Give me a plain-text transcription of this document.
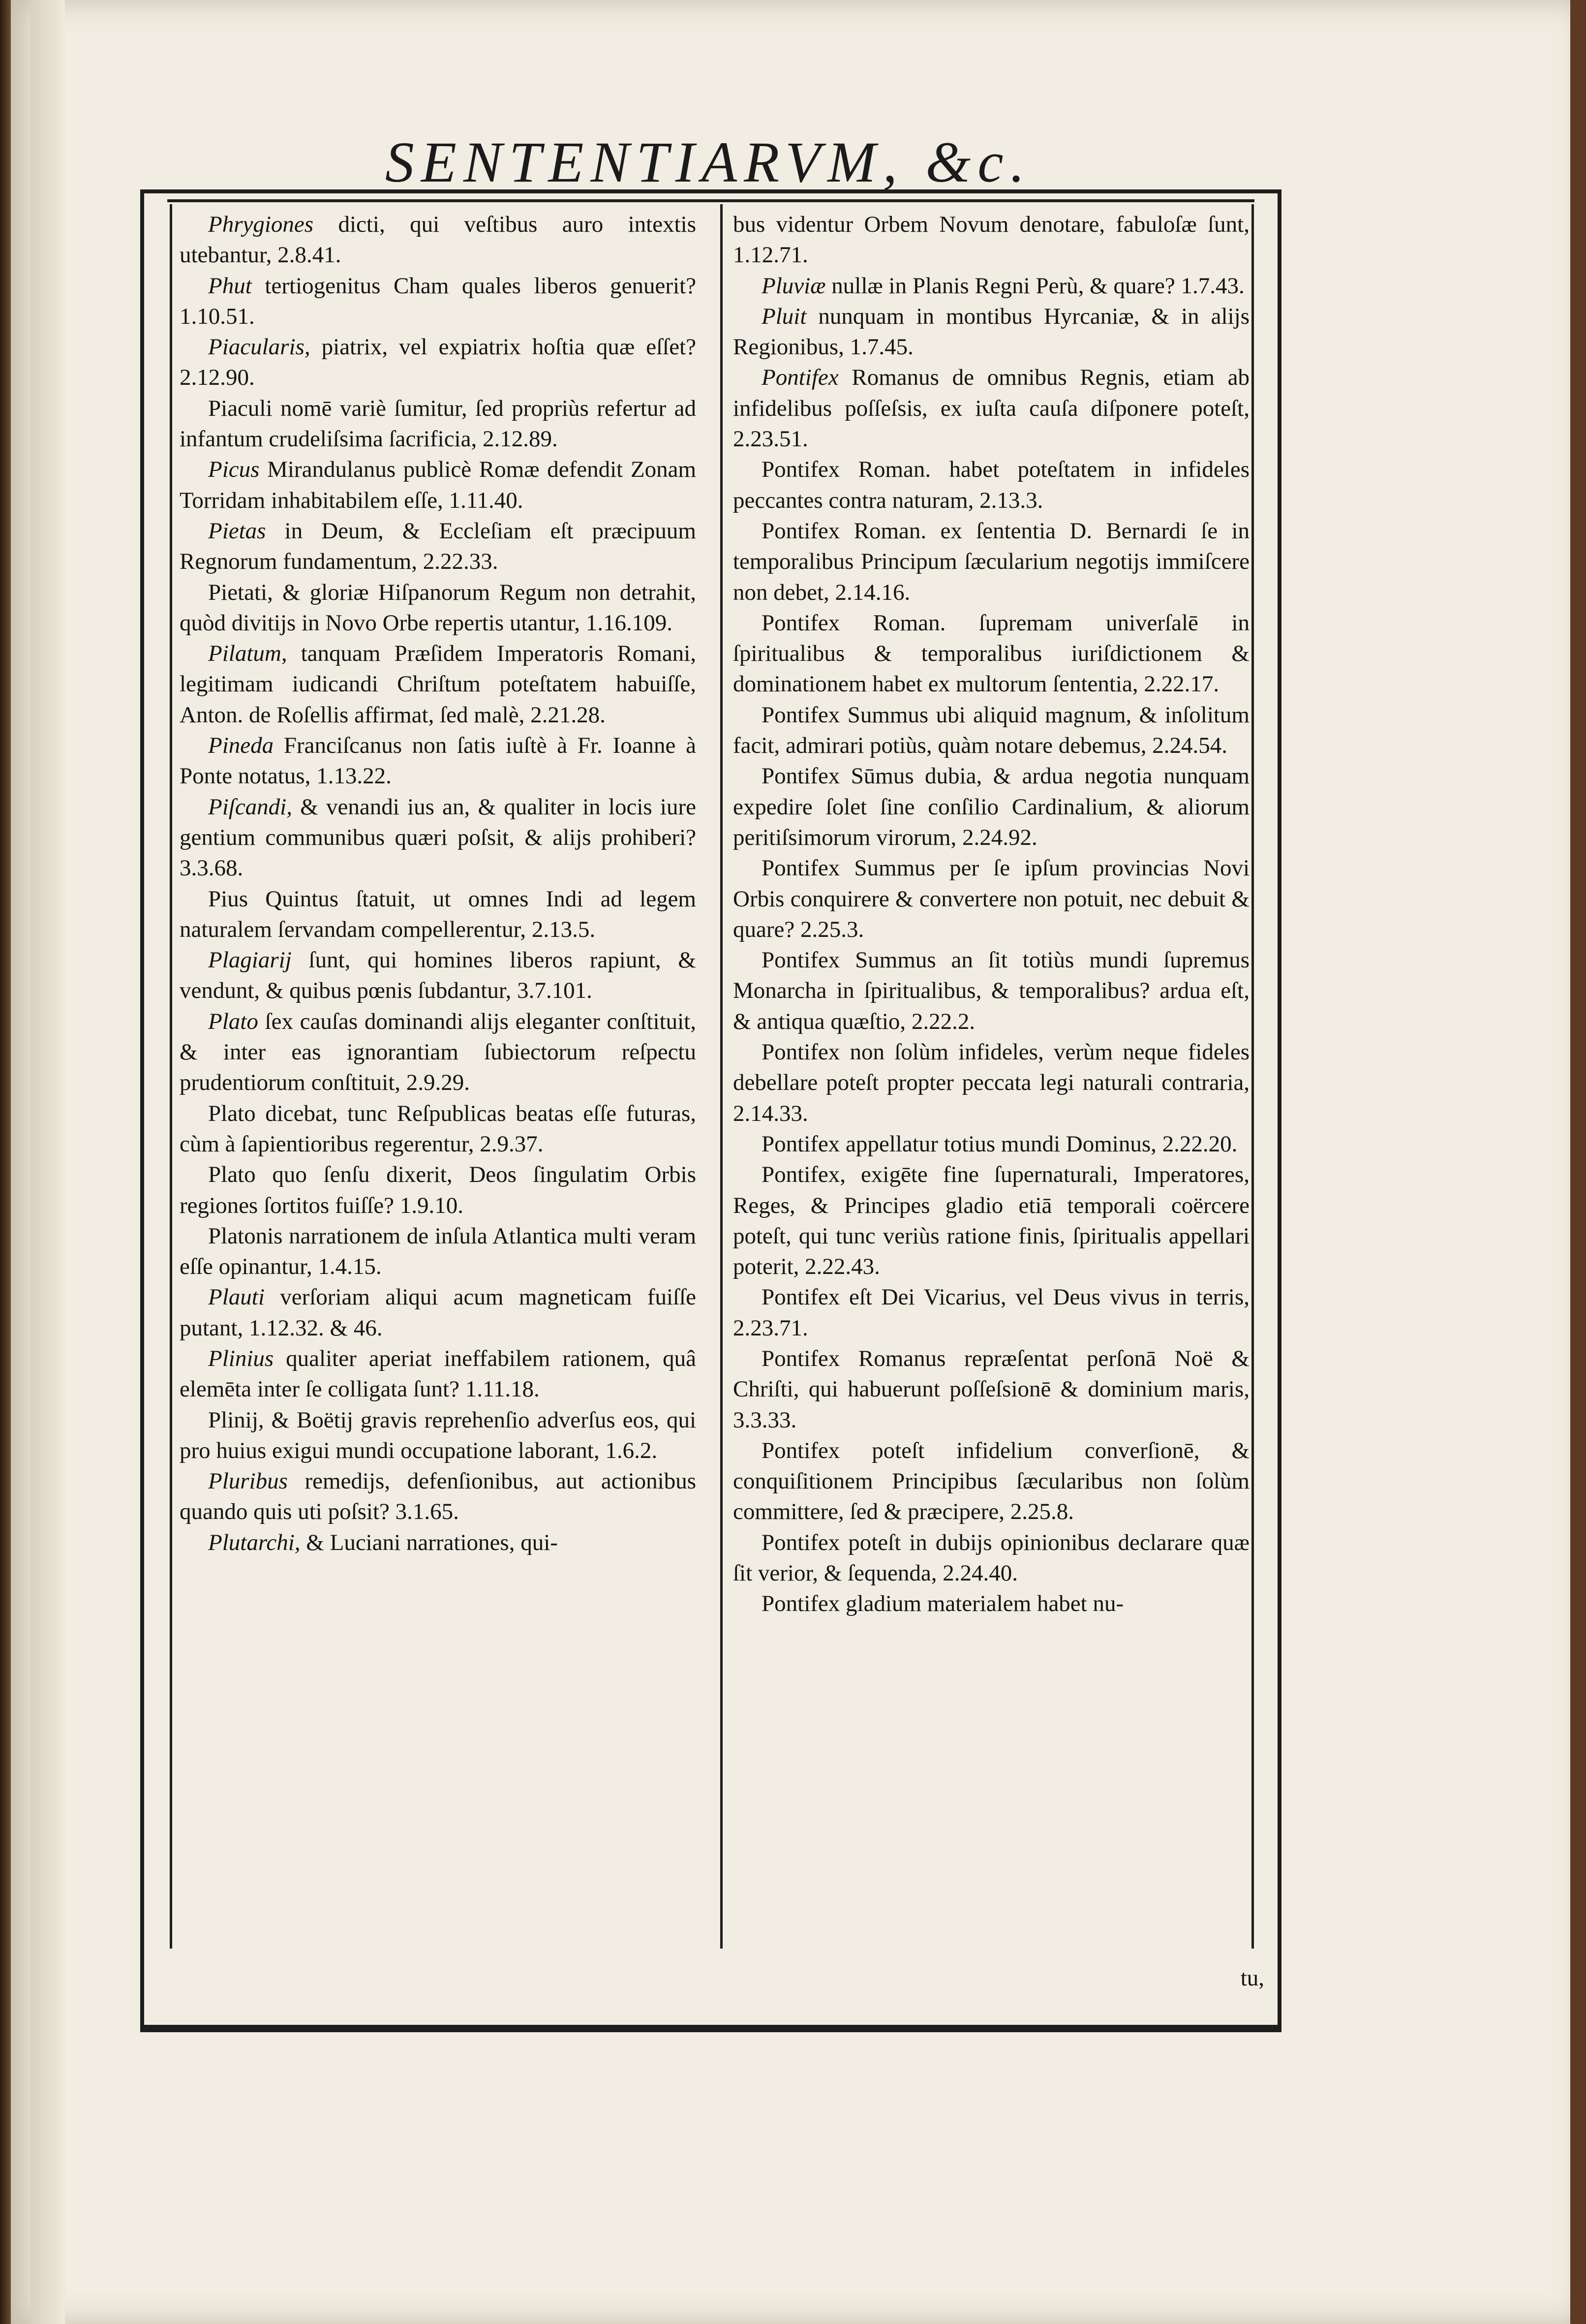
SENTENTIARVM, &c.

Phrygiones dicti, qui veſtibus auro intextis utebantur, 2.8.41.

Phut tertiogenitus Cham quales liberos genuerit? 1.10.51.

Piacularis, piatrix, vel expiatrix hoſtia quæ eſſet? 2.12.90.

Piaculi nomē variè ſumitur, ſed propriùs refertur ad infantum crudeliſsima ſacrificia, 2.12.89.

Picus Mirandulanus publicè Romæ defendit Zonam Torridam inhabitabilem eſſe, 1.11.40.

Pietas in Deum, & Eccleſiam eſt præcipuum Regnorum fundamentum, 2.22.33.

Pietati, & gloriæ Hiſpanorum Regum non detrahit, quòd divitijs in Novo Orbe repertis utantur, 1.16.109.

Pilatum, tanquam Præſidem Imperatoris Romani, legitimam iudicandi Chriſtum poteſtatem habuiſſe, Anton. de Roſellis affirmat, ſed malè, 2.21.28.

Pineda Franciſcanus non ſatis iuſtè à Fr. Ioanne à Ponte notatus, 1.13.22.

Piſcandi, & venandi ius an, & qualiter in locis iure gentium communibus quæri poſsit, & alijs prohiberi? 3.3.68.

Pius Quintus ſtatuit, ut omnes Indi ad legem naturalem ſervandam compellerentur, 2.13.5.

Plagiarij ſunt, qui homines liberos rapiunt, & vendunt, & quibus pœnis ſubdantur, 3.7.101.

Plato ſex cauſas dominandi alijs eleganter conſtituit, & inter eas ignorantiam ſubiectorum reſpectu prudentiorum conſtituit, 2.9.29.

Plato dicebat, tunc Reſpublicas beatas eſſe futuras, cùm à ſapientioribus regerentur, 2.9.37.

Plato quo ſenſu dixerit, Deos ſingulatim Orbis regiones ſortitos fuiſſe? 1.9.10.

Platonis narrationem de inſula Atlantica multi veram eſſe opinantur, 1.4.15.

Plauti verſoriam aliqui acum magneticam fuiſſe putant, 1.12.32. & 46.

Plinius qualiter aperiat ineffabilem rationem, quâ elemēta inter ſe colligata ſunt? 1.11.18.

Plinij, & Boëtij gravis reprehenſio adverſus eos, qui pro huius exigui mundi occupatione laborant, 1.6.2.

Pluribus remedijs, defenſionibus, aut actionibus quando quis uti poſsit? 3.1.65.

Plutarchi, & Luciani narrationes, qui-

bus videntur Orbem Novum denotare, fabuloſæ ſunt, 1.12.71.

Pluviæ nullæ in Planis Regni Perù, & quare? 1.7.43.

Pluit nunquam in montibus Hyrcaniæ, & in alijs Regionibus, 1.7.45.

Pontifex Romanus de omnibus Regnis, etiam ab infidelibus poſſeſsis, ex iuſta cauſa diſponere poteſt, 2.23.51.

Pontifex Roman. habet poteſtatem in infideles peccantes contra naturam, 2.13.3.

Pontifex Roman. ex ſententia D. Bernardi ſe in temporalibus Principum ſæcularium negotijs immiſcere non debet, 2.14.16.

Pontifex Roman. ſupremam univerſalē in ſpiritualibus & temporalibus iuriſdictionem & dominationem habet ex multorum ſententia, 2.22.17.

Pontifex Summus ubi aliquid magnum, & inſolitum facit, admirari potiùs, quàm notare debemus, 2.24.54.

Pontifex Sūmus dubia, & ardua negotia nunquam expedire ſolet ſine conſilio Cardinalium, & aliorum peritiſsimorum virorum, 2.24.92.

Pontifex Summus per ſe ipſum provincias Novi Orbis conquirere & convertere non potuit, nec debuit & quare? 2.25.3.

Pontifex Summus an ſit totiùs mundi ſupremus Monarcha in ſpiritualibus, & temporalibus? ardua eſt, & antiqua quæſtio, 2.22.2.

Pontifex non ſolùm infideles, verùm neque fideles debellare poteſt propter peccata legi naturali contraria, 2.14.33.

Pontifex appellatur totius mundi Dominus, 2.22.20.

Pontifex, exigēte fine ſupernaturali, Imperatores, Reges, & Principes gladio etiā temporali coërcere poteſt, qui tunc veriùs ratione finis, ſpiritualis appellari poterit, 2.22.43.

Pontifex eſt Dei Vicarius, vel Deus vivus in terris, 2.23.71.

Pontifex Romanus repræſentat perſonā Noë & Chriſti, qui habuerunt poſſeſsionē & dominium maris, 3.3.33.

Pontifex poteſt infidelium converſionē, & conquiſitionem Principibus ſæcularibus non ſolùm committere, ſed & præcipere, 2.25.8.

Pontifex poteſt in dubijs opinionibus declarare quæ ſit verior, & ſequenda, 2.24.40.

Pontifex gladium materialem habet nu-

tu,
